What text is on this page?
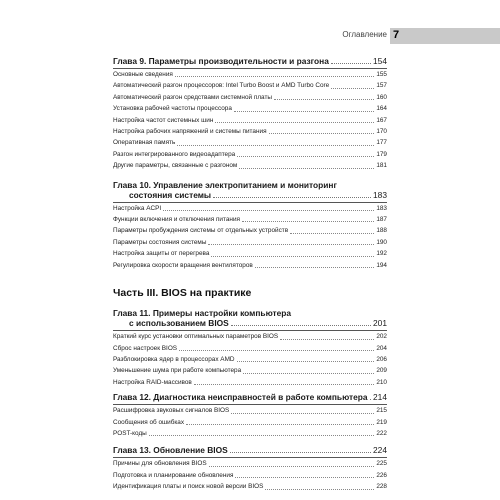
Оглавление 7
Глава 9. Параметры производительности и разгона	154
Основные сведения	155
Автоматический разгон процессоров: Intel Turbo Boost и AMD Turbo Core	157
Автоматический разгон средствами системной платы	160
Установка рабочей частоты процессора	164
Настройка частот системных шин	167
Настройка рабочих напряжений и системы питания	170
Оперативная память	177
Разгон интегрированного видеоадаптера	179
Другие параметры, связанные с разгоном	181
Глава 10. Управление электропитанием и мониторинг
состояния системы	183
Настройка ACPI	183
Функции включения и отключения питания	187
Параметры пробуждения системы от отдельных устройств	188
Параметры состояния системы	190
Настройка защиты от перегрева	192
Регулировка скорости вращения вентиляторов	194
Часть III. BIOS на практике
Глава 11. Примеры настройки компьютера
с использованием BIOS	201
Краткий курс установки оптимальных параметров BIOS	202
Сброс настроек BIOS	204
Разблокировка ядер в процессорах AMD	206
Уменьшение шума при работе компьютера	209
Настройка RAID-массивов	210
Глава 12. Диагностика неисправностей в работе компьютера 214
Расшифровка звуковых сигналов BIOS	215
Сообщения об ошибках	219
POST-коды	222
Глава 13. Обновление BIOS	224
Причины для обновления BIOS	225
Подготовка и планирование обновления	226
Идентификация платы и поиск новой версии BIOS	228
